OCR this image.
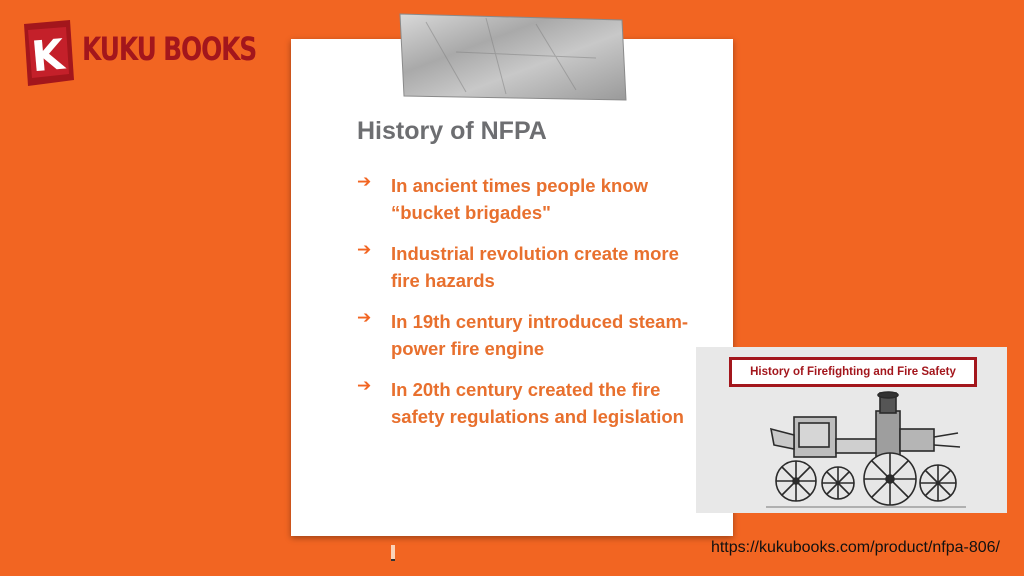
K KUKU BOOKS
History of NFPA
➔ In ancient times people know “bucket brigades"
➔ Industrial revolution create more fire hazards
➔ In 19th century introduced steam-power fire engine
➔ In 20th century created the fire safety regulations and legislation
History of Firefighting and Fire Safety
https://kukubooks.com/product/nfpa-806/
